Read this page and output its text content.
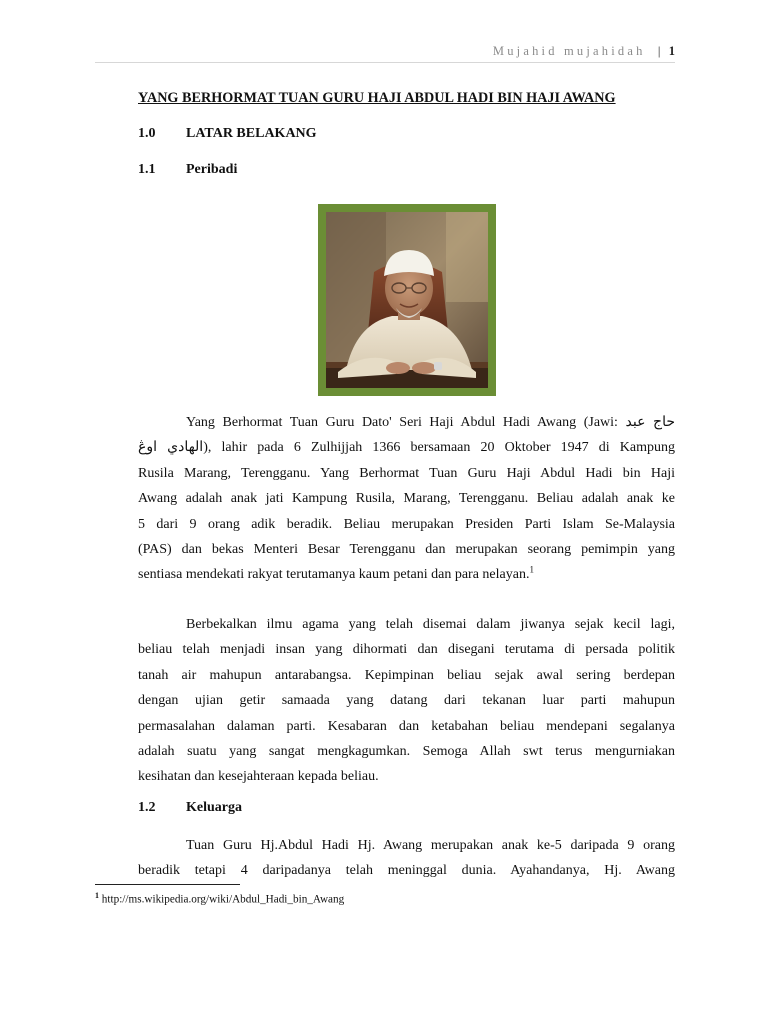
Mujahid mujahidah | 1
YANG BERHORMAT TUAN GURU HAJI ABDUL HADI BIN HAJI AWANG
1.0 LATAR BELAKANG
1.1 Peribadi
Yang Berhormat Tuan Guru Dato' Seri Haji Abdul Hadi Awang (Jawi: حاج عبد
الهادي اوڠ), lahir pada 6 Zulhijjah 1366 bersamaan 20 Oktober 1947 di Kampung
Rusila Marang, Terengganu. Yang Berhormat Tuan Guru Haji Abdul Hadi bin Haji
Awang adalah anak jati Kampung Rusila, Marang, Terengganu. Beliau adalah anak ke
5 dari 9 orang adik beradik. Beliau merupakan Presiden Parti Islam Se-Malaysia
(PAS) dan bekas Menteri Besar Terengganu dan merupakan seorang pemimpin yang
sentiasa mendekati rakyat terutamanya kaum petani dan para nelayan.$^1$
Berbekalkan ilmu agama yang telah disemai dalam jiwanya sejak kecil lagi,
beliau telah menjadi insan yang dihormati dan disegani terutama di persada politik
tanah air mahupun antarabangsa. Kepimpinan beliau sejak awal sering berdepan
dengan ujian getir samaada yang datang dari tekanan luar parti mahupun
permasalahan dalaman parti. Kesabaran dan ketabahan beliau mendepani segalanya
adalah suatu yang sangat mengkagumkan. Semoga Allah swt terus mengurniakan
kesihatan dan kesejahteraan kepada beliau.
1.2 Keluarga
Tuan Guru Hj.Abdul Hadi Hj. Awang merupakan anak ke-5 daripada 9 orang
beradik tetapi 4 daripadanya telah meninggal dunia. Ayahandanya, Hj. Awang
$^1$ http://ms.wikipedia.org/wiki/Abdul_Hadi_bin_Awang
